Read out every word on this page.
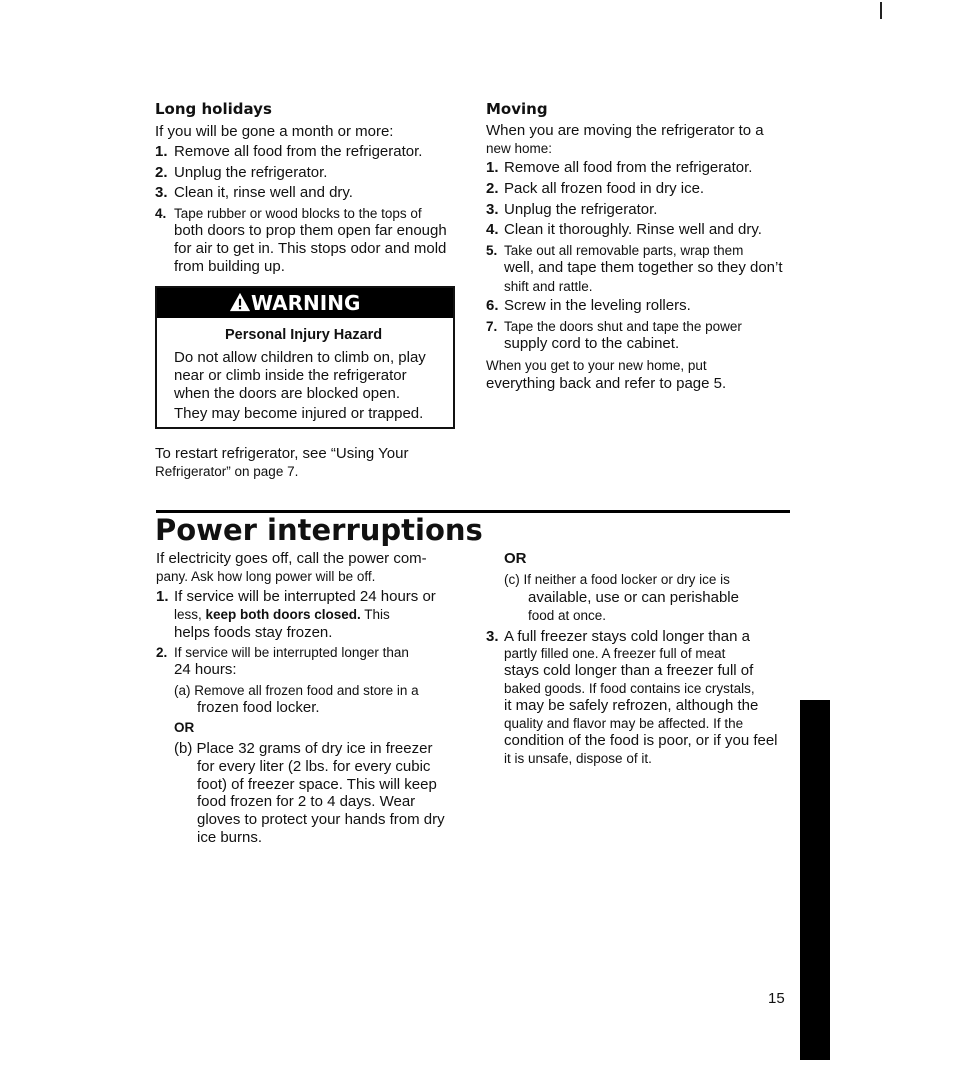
Long holidays
If you will be gone a month or more:
1. Remove all food from the refrigerator.
2. Unplug the refrigerator.
3. Clean it, rinse well and dry.
4. Tape rubber or wood blocks to the tops of
both doors to prop them open far enough
for air to get in. This stops odor and mold
from building up.
WARNING
Personal Injury Hazard
Do not allow children to climb on, play
near or climb inside the refrigerator
when the doors are blocked open.
They may become injured or trapped.
To restart refrigerator, see “Using Your
Refrigerator” on page 7.
Moving
When you are moving the refrigerator to a
new home:
1. Remove all food from the refrigerator.
2. Pack all frozen food in dry ice.
3. Unplug the refrigerator.
4. Clean it thoroughly. Rinse well and dry.
5. Take out all removable parts, wrap them
well, and tape them together so they don’t
shift and rattle.
6. Screw in the leveling rollers.
7. Tape the doors shut and tape the power
supply cord to the cabinet.
When you get to your new home, put
everything back and refer to page 5.
Power interruptions
If electricity goes off, call the power com-
pany. Ask how long power will be off.
1. If service will be interrupted 24 hours or
less, keep both doors closed. This
helps foods stay frozen.
2. If service will be interrupted longer than
24 hours:
(a) Remove all frozen food and store in a
frozen food locker.
OR
(b) Place 32 grams of dry ice in freezer
for every liter (2 lbs. for every cubic
foot) of freezer space. This will keep
food frozen for 2 to 4 days. Wear
gloves to protect your hands from dry
ice burns.
OR
(c) If neither a food locker or dry ice is
available, use or can perishable
food at once.
3. A full freezer stays cold longer than a
partly filled one. A freezer full of meat
stays cold longer than a freezer full of
baked goods. If food contains ice crystals,
it may be safely refrozen, although the
quality and flavor may be affected. If the
condition of the food is poor, or if you feel
it is unsafe, dispose of it.
15
